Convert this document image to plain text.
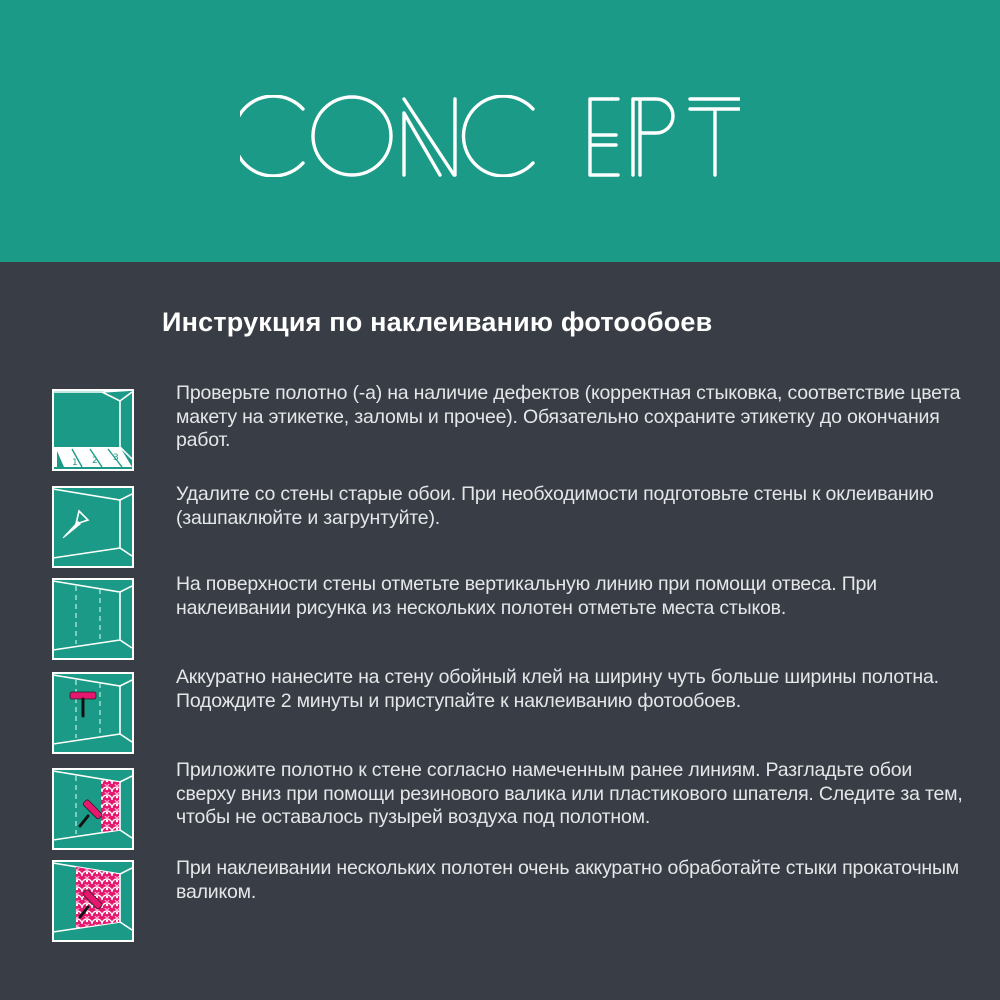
Инструкция по наклеиванию фотообоев
1 2 3

Проверьте полотно (-а) на наличие дефектов (корректная стыковка, соответствие цвета макету на этикетке, заломы и прочее). Обязательно сохраните этикетку до окончания работ.

Удалите со стены старые обои. При необходимости подготовьте стены к оклеиванию (зашпаклюйте и загрунтуйте).

На поверхности стены отметьте вертикальную линию при помощи отвеса. При наклеивании рисунка из нескольких полотен отметьте места стыков.

Аккуратно нанесите на стену обойный клей на ширину чуть больше ширины полотна. Подождите 2 минуты и приступайте к наклеиванию фотообоев.

Приложите полотно к стене согласно намеченным ранее линиям. Разгладьте обои сверху вниз при помощи резинового валика или пластикового шпателя. Следите за тем, чтобы не оставалось пузырей воздуха под полотном.

При наклеивании нескольких полотен очень аккуратно обработайте стыки прокаточным валиком.
